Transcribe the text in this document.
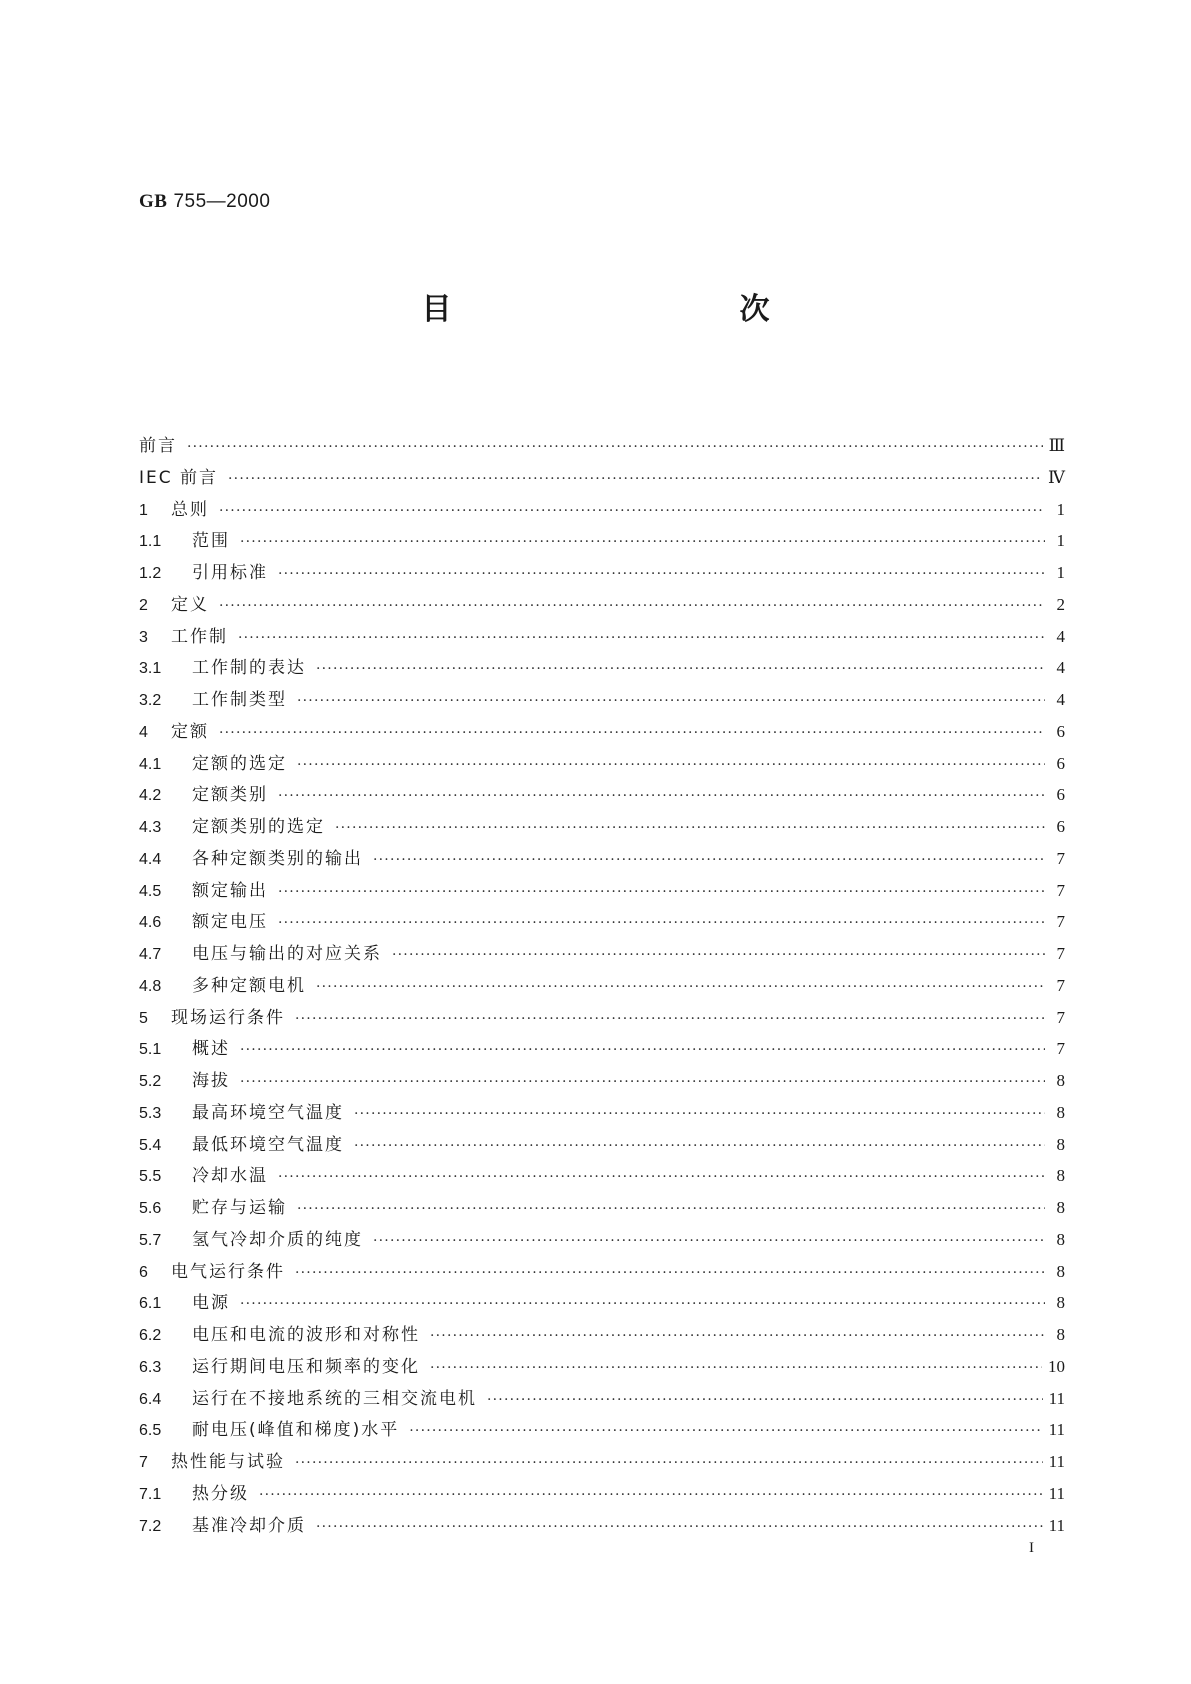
GB 755—2000
目　　次
前言 ·····	Ⅲ
IEC 前言 ·····	Ⅳ
1	总则 ·····	1
1.1	范围 ·····	1
1.2	引用标准 ·····	1
2	定义 ·····	2
3	工作制 ·····	4
3.1	工作制的表达 ·····	4
3.2	工作制类型 ·····	4
4	定额 ·····	6
4.1	定额的选定 ·····	6
4.2	定额类别 ·····	6
4.3	定额类别的选定 ·····	6
4.4	各种定额类别的输出 ·····	7
4.5	额定输出 ·····	7
4.6	额定电压 ·····	7
4.7	电压与输出的对应关系 ·····	7
4.8	多种定额电机 ·····	7
5	现场运行条件 ·····	7
5.1	概述 ·····	7
5.2	海拔 ·····	8
5.3	最高环境空气温度 ·····	8
5.4	最低环境空气温度 ·····	8
5.5	冷却水温 ·····	8
5.6	贮存与运输 ·····	8
5.7	氢气冷却介质的纯度 ·····	8
6	电气运行条件 ·····	8
6.1	电源 ·····	8
6.2	电压和电流的波形和对称性 ·····	8
6.3	运行期间电压和频率的变化 ·····	10
6.4	运行在不接地系统的三相交流电机 ·····	11
6.5	耐电压(峰值和梯度)水平 ·····	11
7	热性能与试验 ·····	11
7.1	热分级 ·····	11
7.2	基准冷却介质 ·····	11
I
